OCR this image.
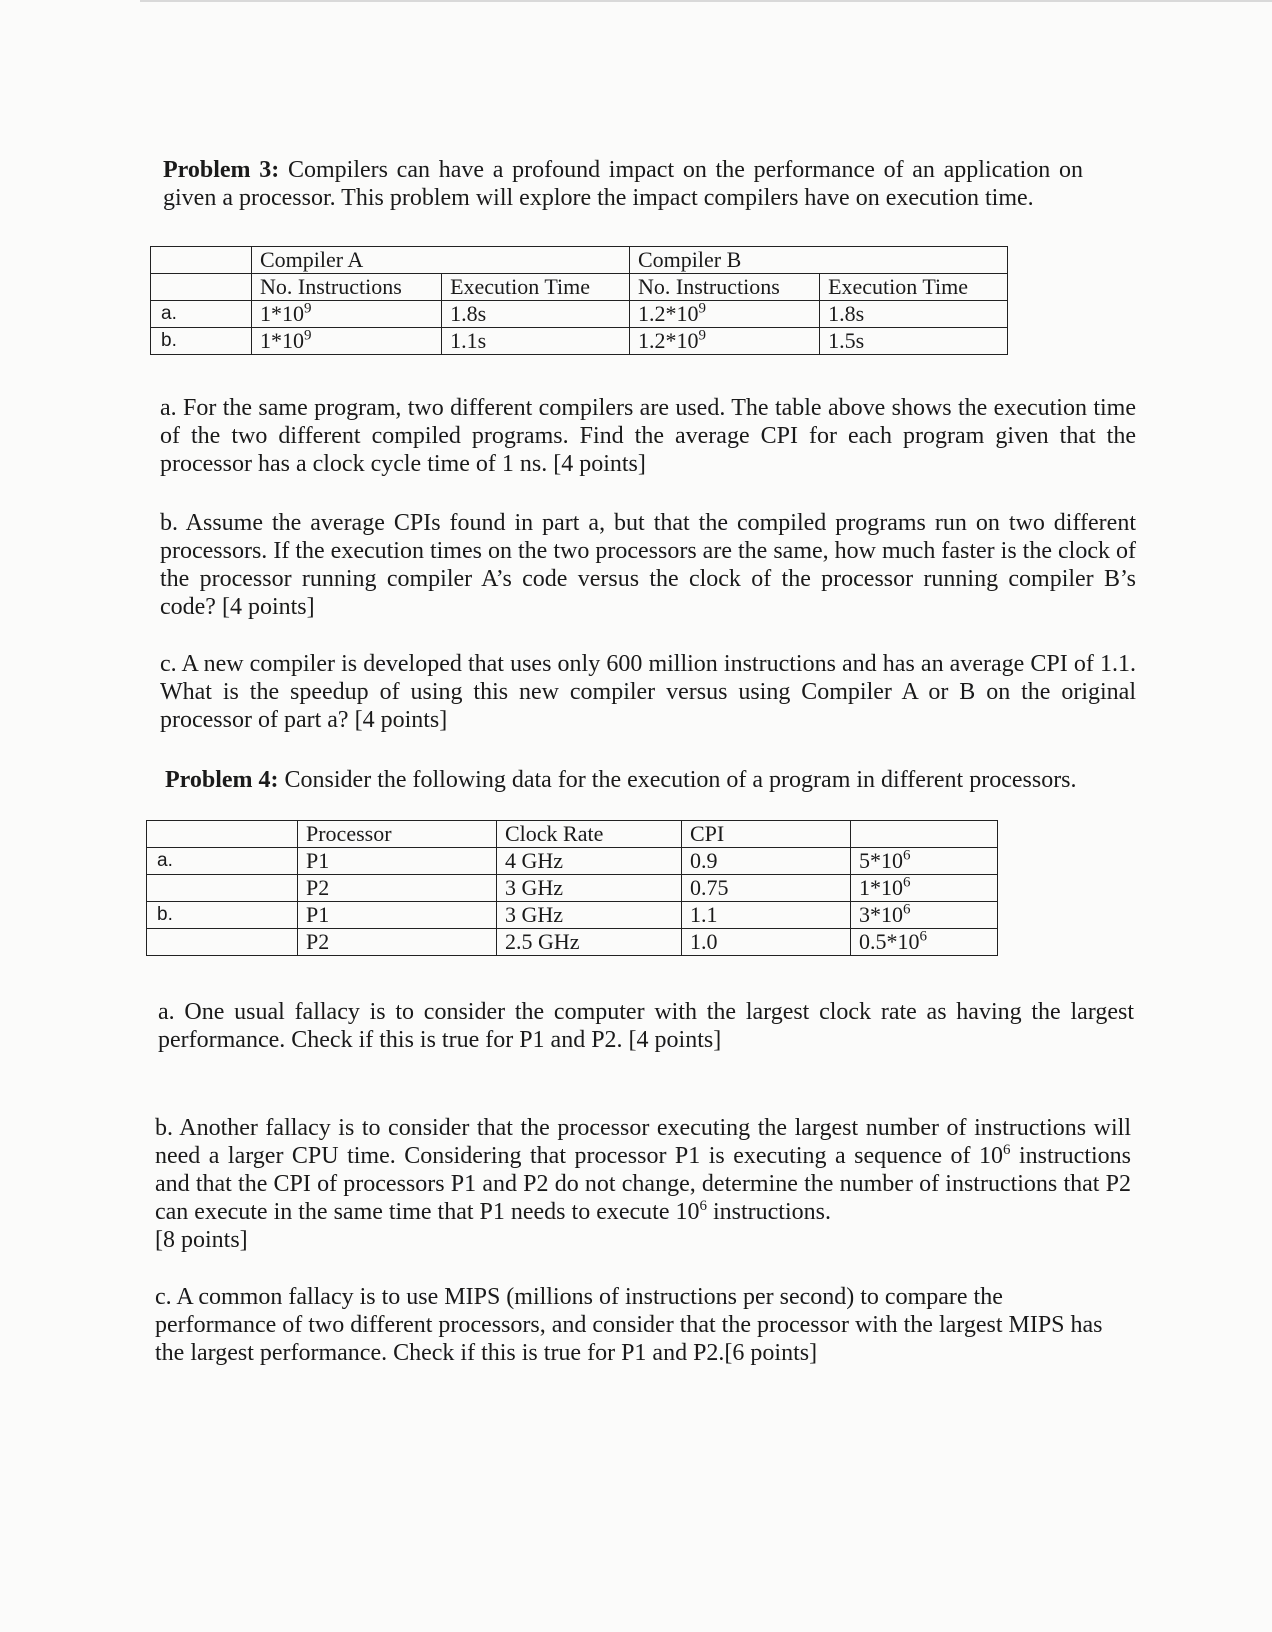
Problem 3: Compilers can have a profound impact on the performance of an application on given a processor. This problem will explore the impact compilers have on execution time.
	Compiler A		Compiler B	
	No. Instructions	Execution Time	No. Instructions	Execution Time
a.	$1*10^9$	1.8s	$1.2*10^9$	1.8s
b.	$1*10^9$	1.1s	$1.2*10^9$	1.5s
a. For the same program, two different compilers are used. The table above shows the execution time of the two different compiled programs. Find the average CPI for each program given that the processor has a clock cycle time of 1 ns. [4 points]
b. Assume the average CPIs found in part a, but that the compiled programs run on two different processors. If the execution times on the two processors are the same, how much faster is the clock of the processor running compiler A’s code versus the clock of the processor running compiler B’s code? [4 points]
c. A new compiler is developed that uses only 600 million instructions and has an average CPI of 1.1. What is the speedup of using this new compiler versus using Compiler A or B on the original processor of part a? [4 points]
Problem 4: Consider the following data for the execution of a program in different processors.
	Processor	Clock Rate	CPI	
a.	P1	4 GHz	0.9	$5*10^6$
	P2	3 GHz	0.75	$1*10^6$
b.	P1	3 GHz	1.1	$3*10^6$
	P2	2.5 GHz	1.0	$0.5*10^6$
a. One usual fallacy is to consider the computer with the largest clock rate as having the largest performance. Check if this is true for P1 and P2. [4 points]
b. Another fallacy is to consider that the processor executing the largest number of instructions will need a larger CPU time. Considering that processor P1 is executing a sequence of $10^6$ instructions and that the CPI of processors P1 and P2 do not change, determine the number of instructions that P2 can execute in the same time that P1 needs to execute $10^6$ instructions.
[8 points]
c. A common fallacy is to use MIPS (millions of instructions per second) to compare the performance of two different processors, and consider that the processor with the largest MIPS has the largest performance. Check if this is true for P1 and P2.[6 points]
